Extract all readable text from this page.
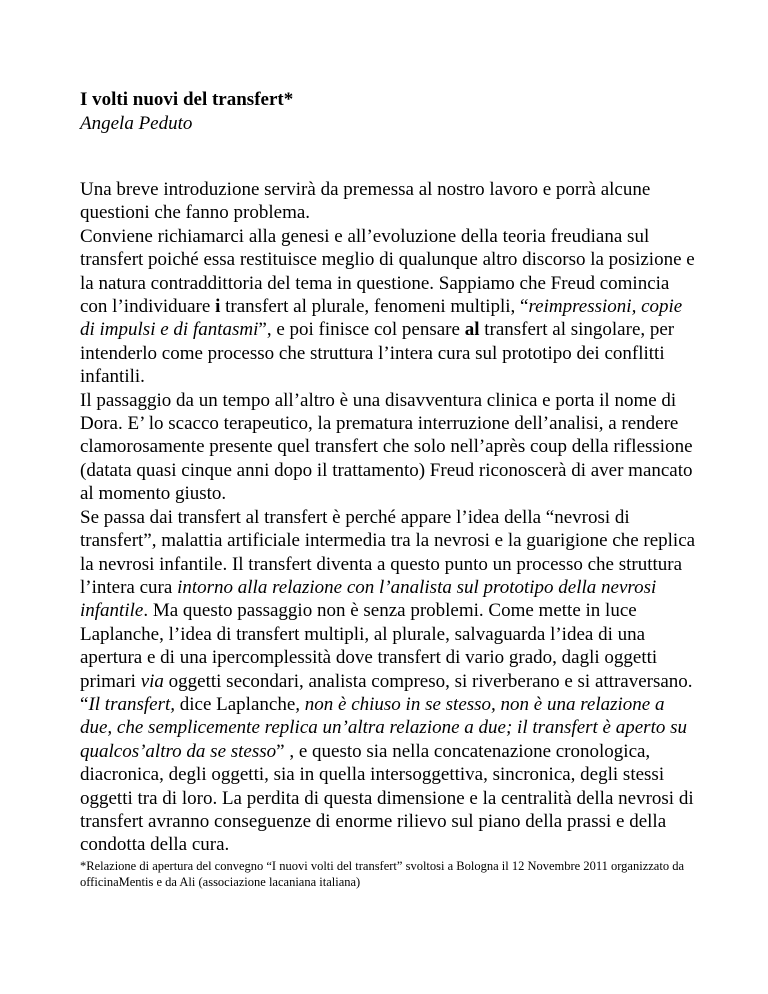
I volti nuovi del transfert*

Angela Peduto

Una breve introduzione servirà da premessa al nostro lavoro e porrà alcune questioni che fanno problema.

Conviene richiamarci alla genesi e all’evoluzione della teoria freudiana sul transfert poiché essa restituisce meglio di qualunque altro discorso la posizione e la natura contraddittoria del tema in questione. Sappiamo che Freud comincia con l’individuare i transfert al plurale, fenomeni multipli, “reimpressioni, copie di impulsi e di fantasmi”, e poi finisce col pensare al transfert al singolare, per intenderlo come processo che struttura l’intera cura sul prototipo dei conflitti infantili.

Il passaggio da un tempo all’altro è una disavventura clinica e porta il nome di Dora. E’ lo scacco terapeutico, la prematura interruzione dell’analisi, a rendere clamorosamente presente quel transfert che solo nell’après coup della riflessione (datata quasi cinque anni dopo il trattamento) Freud riconoscerà di aver mancato al momento giusto.

Se passa dai transfert al transfert è perché appare l’idea della “nevrosi di transfert”, malattia artificiale intermedia tra la nevrosi e la guarigione che replica la nevrosi infantile. Il transfert diventa a questo punto un processo che struttura l’intera cura intorno alla relazione con l’analista sul prototipo della nevrosi infantile. Ma questo passaggio non è senza problemi. Come mette in luce Laplanche, l’idea di transfert multipli, al plurale, salvaguarda l’idea di una apertura e di una ipercomplessità dove transfert di vario grado, dagli oggetti primari via oggetti secondari, analista compreso, si riverberano e si attraversano. “Il transfert, dice Laplanche, non è chiuso in se stesso, non è una relazione a due, che semplicemente replica un’altra relazione a due; il transfert è aperto su qualcos’altro da se stesso” , e questo sia nella concatenazione cronologica, diacronica, degli oggetti, sia in quella intersoggettiva, sincronica, degli stessi oggetti tra di loro. La perdita di questa dimensione e la centralità della nevrosi di transfert avranno conseguenze di enorme rilievo sul piano della prassi e della condotta della cura.

*Relazione di apertura del convegno “I nuovi volti del transfert” svoltosi a Bologna il 12 Novembre 2011 organizzato da officinaMentis e da Ali (associazione lacaniana italiana)
